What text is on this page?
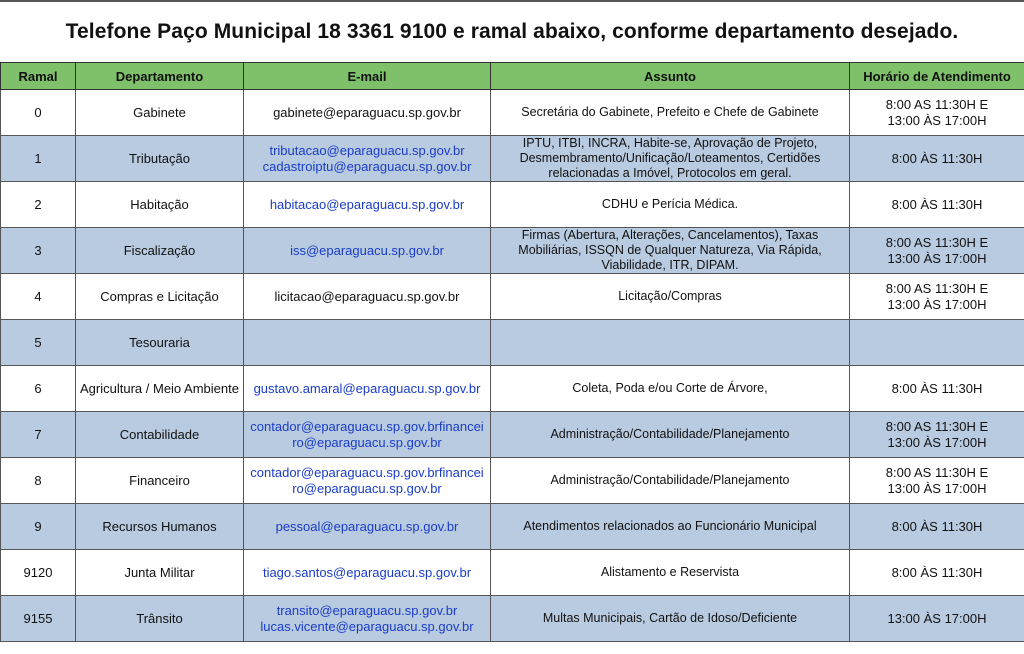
Telefone Paço Municipal 18 3361 9100 e ramal abaixo, conforme departamento desejado.
Ramal	Departamento	E-mail	Assunto	Horário de Atendimento
0	Gabinete	gabinete@eparaguacu.sp.gov.br	Secretária do Gabinete, Prefeito e Chefe de Gabinete	8:00 AS 11:30H E
13:00 ÀS 17:00H
1	Tributação	tributacao@eparaguacu.sp.gov.br
cadastroiptu@eparaguacu.sp.gov.br	IPTU, ITBI, INCRA, Habite-se, Aprovação de Projeto, Desmembramento/Unificação/Loteamentos, Certidões relacionadas a Imóvel, Protocolos em geral.	8:00 ÀS 11:30H
2	Habitação	habitacao@eparaguacu.sp.gov.br	CDHU e Perícia Médica.	8:00 ÀS 11:30H
3	Fiscalização	iss@eparaguacu.sp.gov.br	Firmas (Abertura, Alterações, Cancelamentos), Taxas Mobiliárias, ISSQN de Qualquer Natureza, Via Rápida, Viabilidade, ITR, DIPAM.	8:00 AS 11:30H E
13:00 ÀS 17:00H
4	Compras e Licitação	licitacao@eparaguacu.sp.gov.br	Licitação/Compras	8:00 AS 11:30H E
13:00 ÀS 17:00H
5	Tesouraria			
6	Agricultura / Meio Ambiente	gustavo.amaral@eparaguacu.sp.gov.br	Coleta, Poda e/ou Corte de Árvore,	8:00 ÀS 11:30H
7	Contabilidade	contador@eparaguacu.sp.gov.brfinancei
ro@eparaguacu.sp.gov.br	Administração/Contabilidade/Planejamento	8:00 AS 11:30H E
13:00 ÀS 17:00H
8	Financeiro	contador@eparaguacu.sp.gov.brfinancei
ro@eparaguacu.sp.gov.br	Administração/Contabilidade/Planejamento	8:00 AS 11:30H E
13:00 ÀS 17:00H
9	Recursos Humanos	pessoal@eparaguacu.sp.gov.br	Atendimentos relacionados ao Funcionário Municipal	8:00 ÀS 11:30H
9120	Junta Militar	tiago.santos@eparaguacu.sp.gov.br	Alistamento e Reservista	8:00 ÀS 11:30H
9155	Trânsito	transito@eparaguacu.sp.gov.br
lucas.vicente@eparaguacu.sp.gov.br	Multas Municipais, Cartão de Idoso/Deficiente	13:00 ÀS 17:00H
